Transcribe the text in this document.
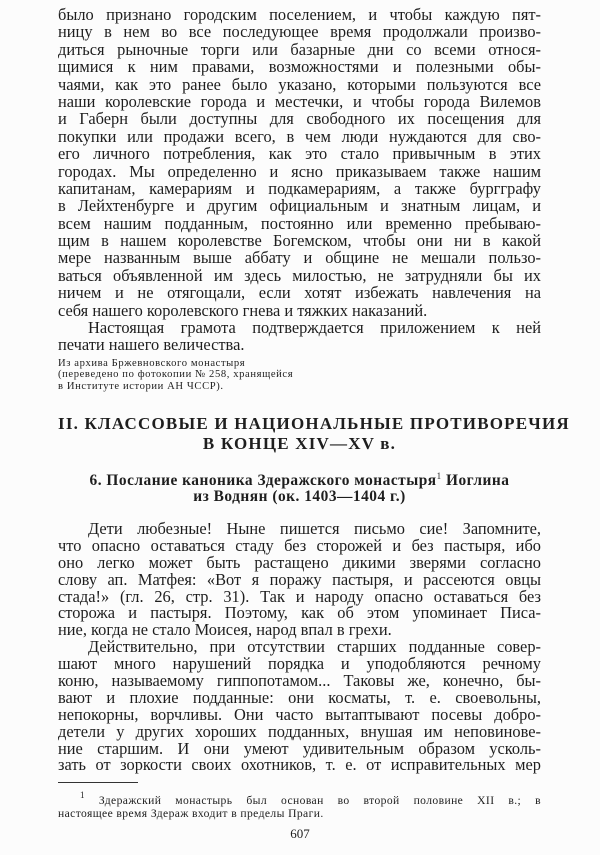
было признано городским поселением, и чтобы каждую пят-
ницу в нем во все последующее время продолжали произво-
диться рыночные торги или базарные дни со всеми относя-
щимися к ним правами, возможностями и полезными обы-
чаями, как это ранее было указано, которыми пользуются все
наши королевские города и местечки, и чтобы города Вилемов
и Габерн были доступны для свободного их посещения для
покупки или продажи всего, в чем люди нуждаются для сво-
его личного потребления, как это стало привычным в этих
городах. Мы определенно и ясно приказываем также нашим
капитанам, камерариям и подкамерариям, а также бургграфу
в Лейхтенбурге и другим официальным и знатным лицам, и
всем нашим подданным, постоянно или временно пребываю-
щим в нашем королевстве Богемском, чтобы они ни в какой
мере названным выше аббату и общине не мешали пользо-
ваться объявленной им здесь милостью, не затрудняли бы их
ничем и не отягощали, если хотят избежать навлечения на
себя нашего королевского гнева и тяжких наказаний.
Настоящая грамота подтверждается приложением к ней
печати нашего величества.
Из архива Бржевновского монастыря
(переведено по фотокопии № 258, хранящейся
в Институте истории АН ЧССР).
II. КЛАССОВЫЕ И НАЦИОНАЛЬНЫЕ ПРОТИВОРЕЧИЯ
В КОНЦЕ XIV—XV в.
6. Послание каноника Здеражского монастыря$^1$ Иоглина
из Воднян (ок. 1403—1404 г.)
Дети любезные! Ныне пишется письмо сие! Запомните,
что опасно оставаться стаду без сторожей и без пастыря, ибо
оно легко может быть растащено дикими зверями согласно
слову ап. Матфея: «Вот я поражу пастыря, и рассеются овцы
стада!» (гл. 26, стр. 31). Так и народу опасно оставаться без
сторожа и пастыря. Поэтому, как об этом упоминает Писа-
ние, когда не стало Моисея, народ впал в грехи.
Действительно, при отсутствии старших подданные совер-
шают много нарушений порядка и уподобляются речному
коню, называемому гиппопотамом... Таковы же, конечно, бы-
вают и плохие подданные: они косматы, т. е. своевольны,
непокорны, ворчливы. Они часто вытаптывают посевы добро-
детели у других хороших подданных, внушая им неповинове-
ние старшим. И они умеют удивительным образом усколь-
зать от зоркости своих охотников, т. е. от исправительных мер
$^1$ Здеражский монастырь был основан во второй половине XII в.; в
настоящее время Здераж входит в пределы Праги.
607
